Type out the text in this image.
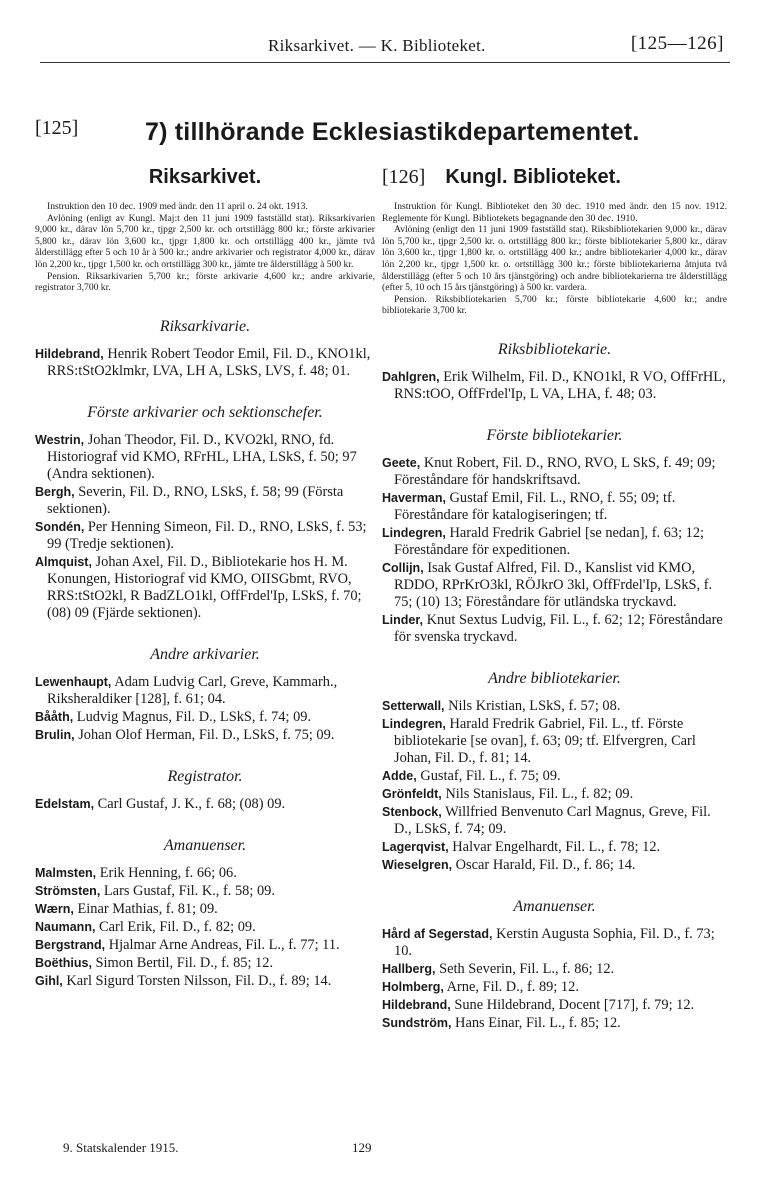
Riksarkivet. — K. Biblioteket.	[125—126]
[125]	7) tillhörande Ecklesiastikdepartementet.
Riksarkivet.

Instruktion den 10 dec. 1909 med ändr. den 11 april o. 24 okt. 1913.

Avlöning (enligt av Kungl. Maj:t den 11 juni 1909 fastställd stat). Riksarkivarien 9,000 kr., därav lön 5,700 kr., tjpgr 2,500 kr. och ortstillägg 800 kr.; förste arkivarier 5,800 kr., därav lön 3,600 kr., tjpgr 1,800 kr. och ortstillägg 400 kr., jämte två ålderstillägg efter 5 och 10 år à 500 kr.; andre arkivarier och registrator 4,000 kr., därav lön 2,200 kr., tjpgr 1,500 kr. och ortstillägg 300 kr., jämte tre ålderstillägg à 500 kr.

Pension. Riksarkivarien 5,700 kr.; förste arkivarie 4,600 kr.; andre arkivarie, registrator 3,700 kr.

Riksarkivarie.
Hildebrand, Henrik Robert Teodor Emil, Fil. D., KNO1kl, RRS:tStO2klmkr, LVA, LH A, LSkS, LVS, f. 48; 01.
Förste arkivarier och sektionschefer.
Westrin, Johan Theodor, Fil. D., KVO2kl, RNO, fd. Historiograf vid KMO, RFrHL, LHA, LSkS, f. 50; 97 (Andra sektionen).
Bergh, Severin, Fil. D., RNO, LSkS, f. 58; 99 (Första sektionen).
Sondén, Per Henning Simeon, Fil. D., RNO, LSkS, f. 53; 99 (Tredje sektionen).
Almquist, Johan Axel, Fil. D., Bibliotekarie hos H. M. Konungen, Historiograf vid KMO, OIISGbmt, RVO, RRS:tStO2kl, R BadZLO1kl, OffFrdel'Ip, LSkS, f. 70; (08) 09 (Fjärde sektionen).
Andre arkivarier.
Lewenhaupt, Adam Ludvig Carl, Greve, Kammarh., Riksheraldiker [128], f. 61; 04.
Bååth, Ludvig Magnus, Fil. D., LSkS, f. 74; 09.
Brulin, Johan Olof Herman, Fil. D., LSkS, f. 75; 09.
Registrator.
Edelstam, Carl Gustaf, J. K., f. 68; (08) 09.
Amanuenser.
Malmsten, Erik Henning, f. 66; 06.
Strömsten, Lars Gustaf, Fil. K., f. 58; 09.
Wærn, Einar Mathias, f. 81; 09.
Naumann, Carl Erik, Fil. D., f. 82; 09.
Bergstrand, Hjalmar Arne Andreas, Fil. L., f. 77; 11.
Boëthius, Simon Bertil, Fil. D., f. 85; 12.
Gihl, Karl Sigurd Torsten Nilsson, Fil. D., f. 89; 14.
[126] Kungl. Biblioteket.

Instruktion för Kungl. Biblioteket den 30 dec. 1910 med ändr. den 15 nov. 1912. Reglemente för Kungl. Bibliotekets begagnande den 30 dec. 1910.

Avlöning (enligt den 11 juni 1909 fastställd stat). Riksbibliotekarien 9,000 kr., därav lön 5,700 kr., tjpgr 2,500 kr. o. ortstillägg 800 kr.; förste bibliotekarier 5,800 kr., därav lön 3,600 kr., tjpgr 1,800 kr. o. ortstillägg 400 kr.; andre bibliotekarier 4,000 kr., därav lön 2,200 kr., tjpgr 1,500 kr. o. ortstillägg 300 kr.; förste bibliotekarierna åtnjuta två ålderstillägg (efter 5 och 10 års tjänstgöring) och andre bibliotekarierna tre ålderstillägg (efter 5, 10 och 15 års tjänstgöring) à 500 kr. vardera.

Pension. Riksbibliotekarien 5,700 kr.; förste bibliotekarie 4,600 kr.; andre bibliotekarie 3,700 kr.

Riksbibliotekarie.
Dahlgren, Erik Wilhelm, Fil. D., KNO1kl, R VO, OffFrHL, RNS:tOO, OffFrdel'Ip, L VA, LHA, f. 48; 03.
Förste bibliotekarier.
Geete, Knut Robert, Fil. D., RNO, RVO, L SkS, f. 49; 09; Föreståndare för handskriftsavd.
Haverman, Gustaf Emil, Fil. L., RNO, f. 55; 09; tf. Föreståndare för katalogiseringen; tf.
Lindegren, Harald Fredrik Gabriel [se nedan], f. 63; 12; Föreståndare för expeditionen.
Collijn, Isak Gustaf Alfred, Fil. D., Kanslist vid KMO, RDDO, RPrKrO3kl, RÖJkrO 3kl, OffFrdel'Ip, LSkS, f. 75; (10) 13; Föreståndare för utländska tryckavd.
Linder, Knut Sextus Ludvig, Fil. L., f. 62; 12; Föreståndare för svenska tryckavd.
Andre bibliotekarier.
Setterwall, Nils Kristian, LSkS, f. 57; 08.
Lindegren, Harald Fredrik Gabriel, Fil. L., tf. Förste bibliotekarie [se ovan], f. 63; 09; tf. Elfvergren, Carl Johan, Fil. D., f. 81; 14.
Adde, Gustaf, Fil. L., f. 75; 09.
Grönfeldt, Nils Stanislaus, Fil. L., f. 82; 09.
Stenbock, Willfried Benvenuto Carl Magnus, Greve, Fil. D., LSkS, f. 74; 09.
Lagerqvist, Halvar Engelhardt, Fil. L., f. 78; 12.
Wieselgren, Oscar Harald, Fil. D., f. 86; 14.
Amanuenser.
Hård af Segerstad, Kerstin Augusta Sophia, Fil. D., f. 73; 10.
Hallberg, Seth Severin, Fil. L., f. 86; 12.
Holmberg, Arne, Fil. D., f. 89; 12.
Hildebrand, Sune Hildebrand, Docent [717], f. 79; 12.
Sundström, Hans Einar, Fil. L., f. 85; 12.
9. Statskalender 1915.	129
